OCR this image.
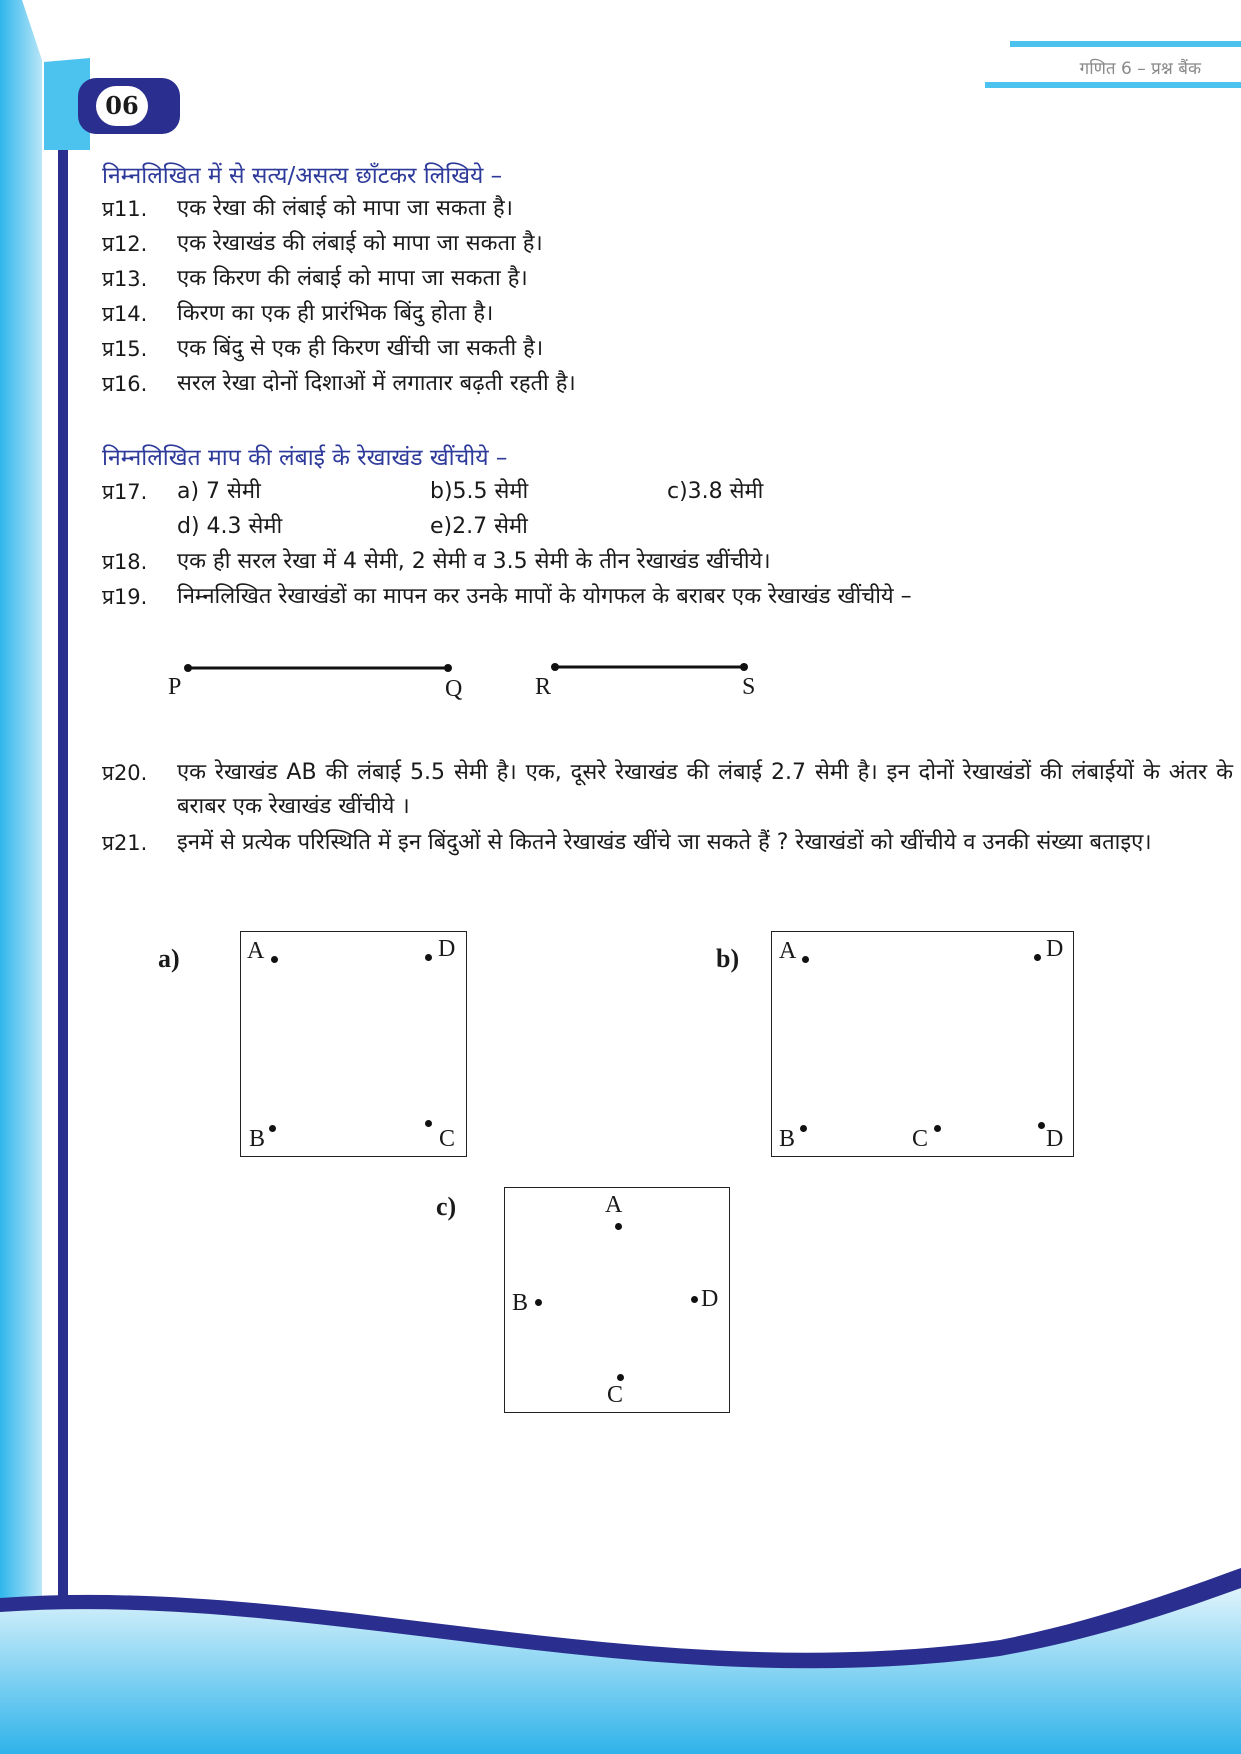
गणित 6 – प्रश्न बैंक
06
निम्नलिखित में से सत्य/असत्य छाँटकर लिखिये –
प्र11. एक रेखा की लंबाई को मापा जा सकता है।
प्र12. एक रेखाखंड की लंबाई को मापा जा सकता है।
प्र13. एक किरण की लंबाई को मापा जा सकता है।
प्र14. किरण का एक ही प्रारंभिक बिंदु होता है।
प्र15. एक बिंदु से एक ही किरण खींची जा सकती है।
प्र16. सरल रेखा दोनों दिशाओं में लगातार बढ़ती रहती है।
निम्नलिखित माप की लंबाई के रेखाखंड खींचीये –
प्र17. a) 7 सेमी	b)5.5 सेमी	c)3.8 सेमी
d) 4.3 सेमी	e)2.7 सेमी
प्र18. एक ही सरल रेखा में 4 सेमी, 2 सेमी व 3.5 सेमी के तीन रेखाखंड खींचीये।
प्र19. निम्नलिखित रेखाखंडों का मापन कर उनके मापों के योगफल के बराबर एक रेखाखंड खींचीये –
P	Q	R	S
प्र20. एक रेखाखंड AB की लंबाई 5.5 सेमी है। एक, दूसरे रेखाखंड की लंबाई 2.7 सेमी है। इन दोनों रेखाखंडों की लंबाईयों के अंतर के बराबर एक रेखाखंड खींचीये ।
प्र21. इनमें से प्रत्येक परिस्थिति में इन बिंदुओं से कितने रेखाखंड खींचे जा सकते हैं ? रेखाखंडों को खींचीये व उनकी संख्या बताइए।
a)	A	D
B	C
b) A	D
B	C	D
c)	A
B	D
C
